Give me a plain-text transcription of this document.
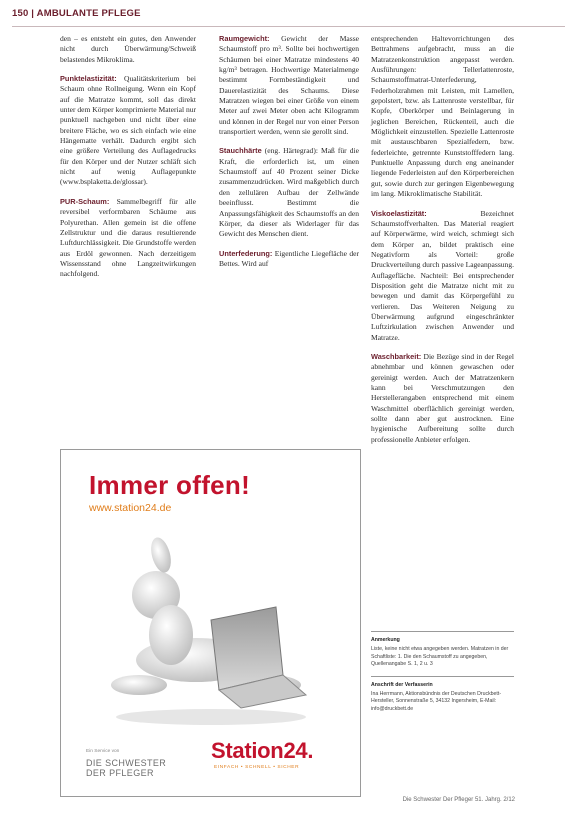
150 | AMBULANTE PFLEGE

den – es entsteht ein gutes, den Anwender nicht durch Überwärmung/Schweiß belastendes Mikroklima.

Punktelastizität: Qualitätskriterium bei Schaum ohne Rollneigung. Wenn ein Kopf auf die Matratze kommt, soll das direkt unter dem Körper komprimierte Material nur punktuell nachgeben und nicht über eine breitere Fläche, wo es sich einfach wie eine Hängematte verhält. Dadurch ergibt sich eine größere Verteilung des Auflagedrucks für den Körper und der Nutzer schläft sich nicht auf wenig Auflagepunkte (www.bsplaketta.de/glossar).

PUR-Schaum: Sammelbegriff für alle reversibel verformbaren Schäume aus Polyurethan. Allen gemein ist die offene Zellstruktur und die daraus resultierende Luftdurchlässigkeit. Die Grundstoffe werden aus Erdöl gewonnen. Nach derzeitigem Wissensstand ohne Langzeitwirkungen nachfolgend.

Raumgewicht: Gewicht der Masse Schaumstoff pro m³. Sollte bei hochwertigen Schäumen bei einer Matratze mindestens 40 kg/m³ betragen. Hochwertige Materialmenge bestimmt Formbeständigkeit und Dauerelastizität des Schaums. Diese Matratzen wiegen bei einer Größe von einem Meter auf zwei Meter oben acht Kilogramm und können in der Regel nur von einer Person transportiert werden, wenn sie gerollt sind.

Stauchhärte (eng. Härtegrad): Maß für die Kraft, die erforderlich ist, um einen Schaumstoff auf 40 Prozent seiner Dicke zusammenzudrücken. Wird maßgeblich durch den zellulären Aufbau der Zellwände beeinflusst. Bestimmt die Anpassungsfähigkeit des Schaumstoffs an den Körper, da dieser als Widerlager für das Gewicht des Menschen dient.

Unterfederung: Eigentliche Liegefläche der Bettes. Wird auf

entsprechenden Haltevorrichtungen des Bettrahmens aufgebracht, muss an die Matratzenkonstruktion angepasst werden. Ausführungen: Tellerlattenroste, Schaumstoffmatrat-Unterfederung, Federholzrahmen mit Leisten, mit Lamellen, gepolstert, bzw. als Lattenroste verstellbar, für Kopfe, Oberkörper und Beinlagerung in jeglichen Bereichen, Rückenteil, auch die Möglichkeit einzustellen. Spezielle Lattenroste mit austauschbaren Spezialfedern, bzw. federleichte, getrennte Kunststofffedern lang. Punktuelle Anpassung durch eng aneinander liegende Federleisten auf den Körperbereichen gut, sowie durch zur geringen Eigenbewegung im lang. Mikroklimatische Stabilität.

Viskoelastizität: Bezeichnet Schaumstoffverhalten. Das Material reagiert auf Körperwärme, wird weich, schmiegt sich dem Körper an, bildet praktisch eine Negativform als Vorteil: große Druckverteilung durch passive Lageanpassung. Auflagefläche. Nachteil: Bei entsprechender Disposition geht die Matratze nicht mit zu bewegen und damit das Körpergefühl zu verlieren. Das Weiteren Neigung zu Überwärmung aufgrund eingeschränkter Luftzirkulation zwischen Anwender und Matratze.

Waschbarkeit: Die Bezüge sind in der Regel abnehmbar und können gewaschen oder gereinigt werden. Auch der Matratzenkern kann bei Verschmutzungen den Herstellerangaben entsprechend mit einem Waschmittel oberflächlich gereinigt werden, sollte dann aber gut austrocknen. Eine hygienische Aufbereitung sollte durch professionelle Anbieter erfolgen.

Immer offen!
www.station24.de
Ein Service von
DIE SCHWESTER
DER PFLEGER
Station24.
EINFACH • SCHNELL • SICHER
Anmerkung
Liste, keine nicht etwa angegeben werden. Matratzen in der Schaftliste: 1. Die den Schaumstoff zu angegeben, Quellenangabe S. 1, 2 u. 3
Anschrift der Verfasserin
Ina Herrmann, Aktionsbündnis der Deutschen Druckbett-Hersteller, Sonnenstraße 5, 34132 Ingersheim, E-Mail: info@druckbett.de
Die Schwester Der Pfleger 51. Jahrg. 2/12
